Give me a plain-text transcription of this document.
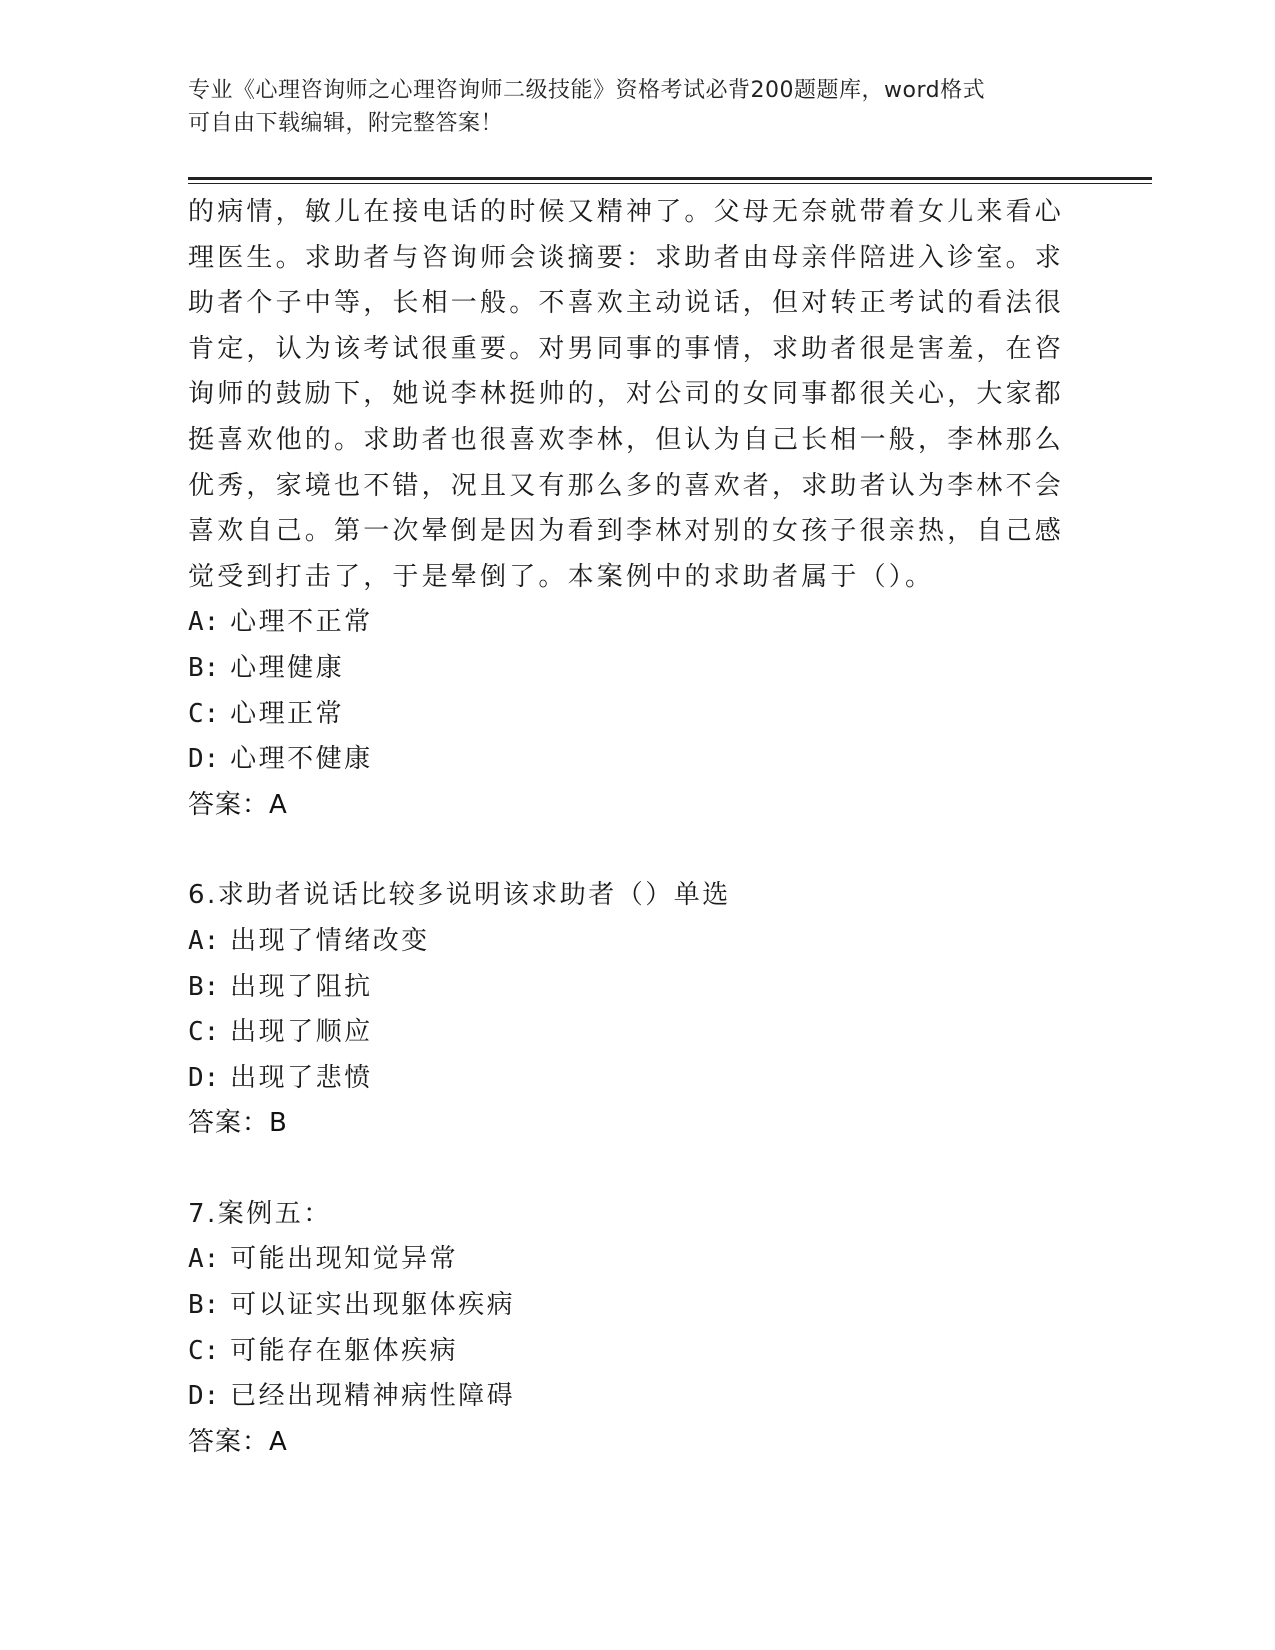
专业《心理咨询师之心理咨询师二级技能》资格考试必背200题题库，word格式
可自由下载编辑，附完整答案！

的病情，敏儿在接电话的时候又精神了。父母无奈就带着女儿来看心理医生。求助者与咨询师会谈摘要：求助者由母亲伴陪进入诊室。求助者个子中等，长相一般。不喜欢主动说话，但对转正考试的看法很肯定，认为该考试很重要。对男同事的事情，求助者很是害羞，在咨询师的鼓励下，她说李林挺帅的，对公司的女同事都很关心，大家都挺喜欢他的。求助者也很喜欢李林，但认为自己长相一般，李林那么优秀，家境也不错，况且又有那么多的喜欢者，求助者认为李林不会喜欢自己。第一次晕倒是因为看到李林对别的女孩子很亲热，自己感觉受到打击了，于是晕倒了。本案例中的求助者属于（）。

A: 心理不正常
B: 心理健康
C: 心理正常
D: 心理不健康
答案：A
6.求助者说话比较多说明该求助者（）单选
A: 出现了情绪改变
B: 出现了阻抗
C: 出现了顺应
D: 出现了悲愤
答案：B
7.案例五：
A: 可能出现知觉异常
B: 可以证实出现躯体疾病
C: 可能存在躯体疾病
D: 已经出现精神病性障碍
答案：A
